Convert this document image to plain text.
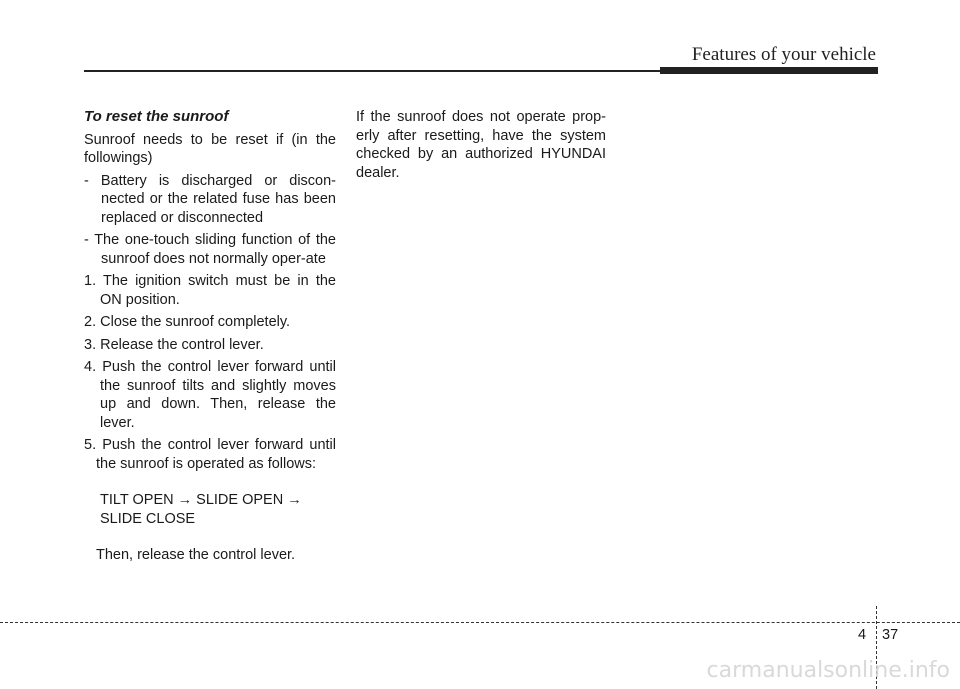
Features of your vehicle
To reset the sunroof

Sunroof needs to be reset if (in the followings)

- Battery is discharged or discon-nected or the related fuse has been replaced or disconnected

- The one-touch sliding function of the sunroof does not normally oper-ate

1. The ignition switch must be in the ON position.

2. Close the sunroof completely.

3. Release the control lever.

4. Push the control lever forward until the sunroof tilts and slightly moves up and down. Then, release the lever.

5. Push the control lever forward until the sunroof is operated as follows:

TILT OPEN → SLIDE OPEN → SLIDE CLOSE

Then, release the control lever.

If the sunroof does not operate prop-erly after resetting, have the system checked by an authorized HYUNDAI dealer.

4 37
carmanualsonline.info
